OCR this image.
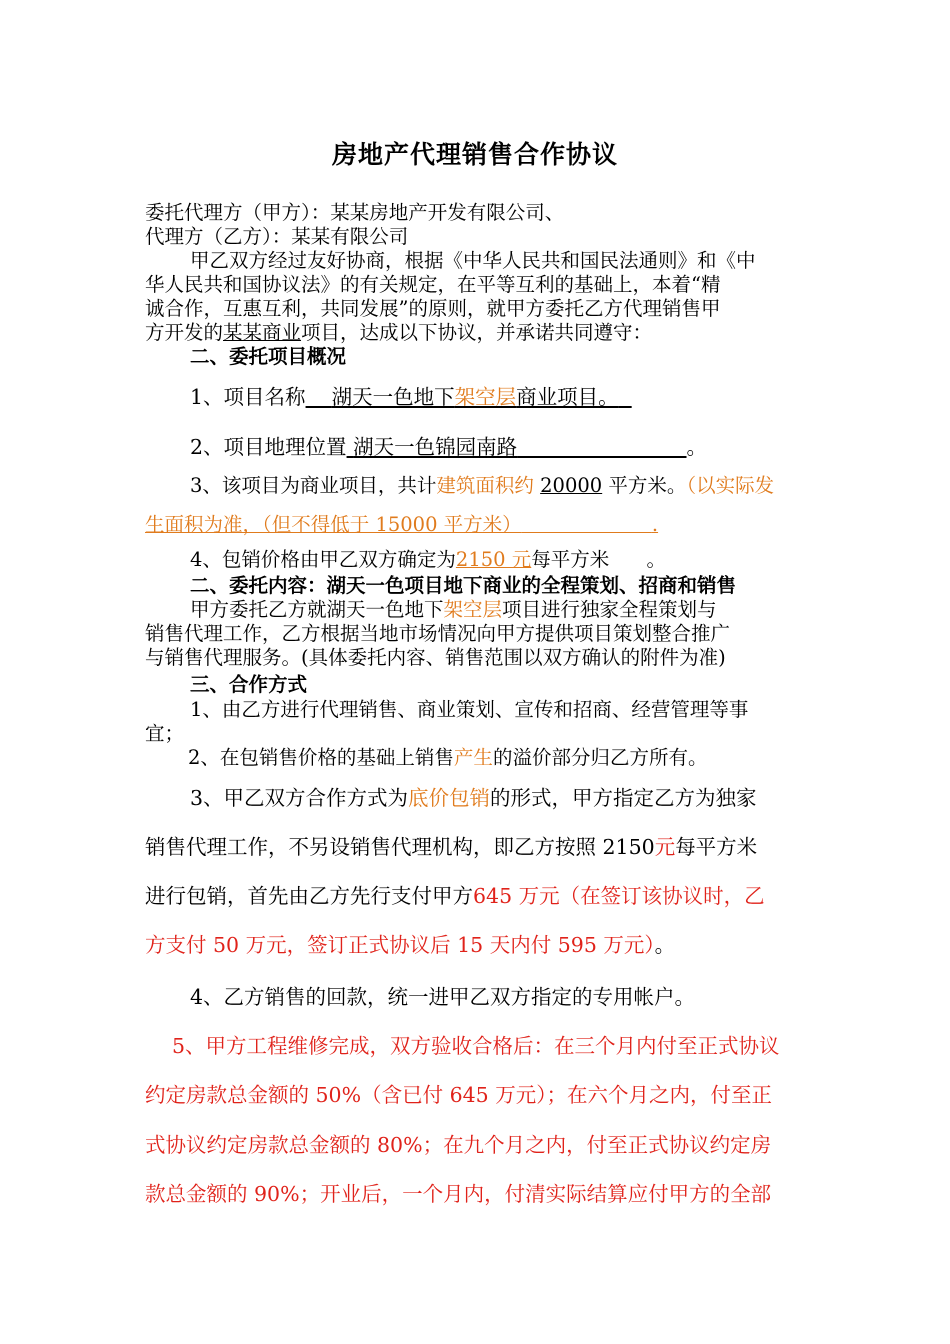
房地产代理销售合作协议
委托代理方（甲方）：某某房地产开发有限公司、
代理方（乙方）：某某有限公司
甲乙双方经过友好协商，根据《中华人民共和国民法通则》和《中
华人民共和国协议法》的有关规定，在平等互利的基础上，本着“精
诚合作，互惠互利，共同发展”的原则，就甲方委托乙方代理销售甲
方开发的某某商业项目，达成以下协议，并承诺共同遵守：
二、委托项目概况
1、项目名称 湖天一色地下架空层商业项目。
2、项目地理位置 湖天一色锦园南路	。
3、该项目为商业项目，共计建筑面积约 20000 平方米。（以实际发
生面积为准，（但不得低于 15000 平方米）	.
4、包销价格由甲乙双方确定为2150 元每平方米 。
二、委托内容：湖天一色项目地下商业的全程策划、招商和销售
甲方委托乙方就湖天一色地下架空层项目进行独家全程策划与
销售代理工作，乙方根据当地市场情况向甲方提供项目策划整合推广
与销售代理服务。(具体委托内容、销售范围以双方确认的附件为准)
三、合作方式
1、由乙方进行代理销售、商业策划、宣传和招商、经营管理等事
宜；
2、在包销售价格的基础上销售产生的溢价部分归乙方所有。
3、甲乙双方合作方式为底价包销的形式，甲方指定乙方为独家
销售代理工作，不另设销售代理机构，即乙方按照 2150元每平方米
进行包销，首先由乙方先行支付甲方645 万元（在签订该协议时，乙
方支付 50 万元，签订正式协议后 15 天内付 595 万元）。
4、乙方销售的回款，统一进甲乙双方指定的专用帐户。
5、甲方工程维修完成，双方验收合格后：在三个月内付至正式协议
约定房款总金额的 50%（含已付 645 万元）；在六个月之内，付至正
式协议约定房款总金额的 80%；在九个月之内，付至正式协议约定房
款总金额的 90%；开业后，一个月内，付清实际结算应付甲方的全部
